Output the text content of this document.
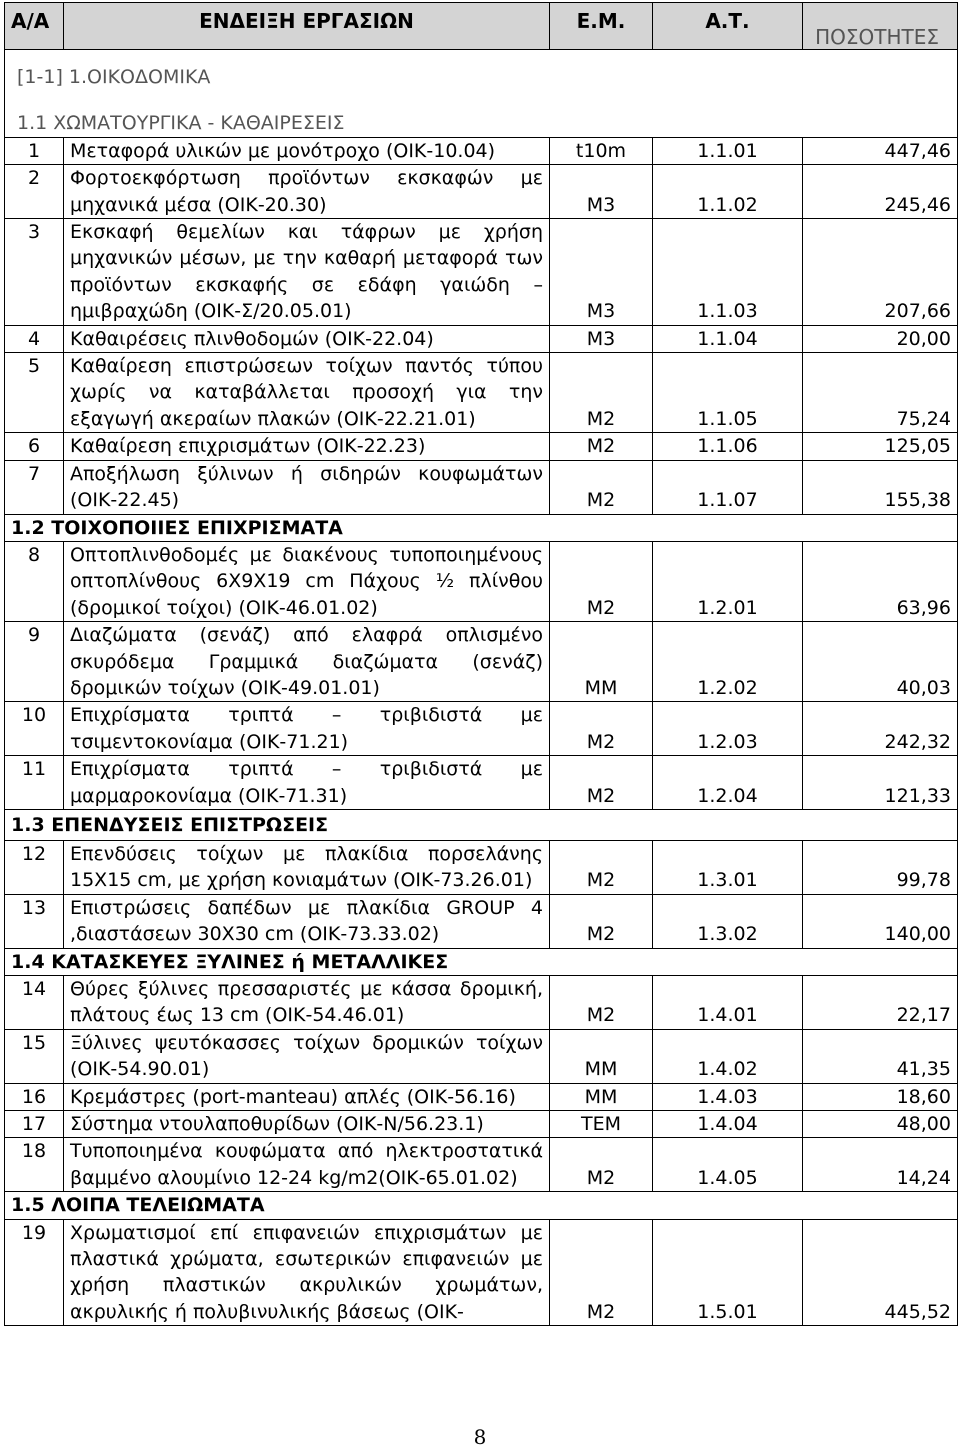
Α/Α	ΕΝΔΕΙΞΗ ΕΡΓΑΣΙΩΝ	Ε.Μ.	Α.Τ.	ΠΟΣΟΤΗΤΕΣ
[1-1] 1.ΟΙΚΟΔΟΜΙΚΑ				
1.1 ΧΩΜΑΤΟΥΡΓΙΚΑ - ΚΑΘΑΙΡΕΣΕΙΣ				
1	Μεταφορά υλικών με μονότροχο (ΟΙΚ-10.04)	t10m	1.1.01	447,46
2	Φορτοεκφόρτωση προϊόντων εκσκαφών με μηχανικά μέσα (ΟΙΚ-20.30)	Μ3	1.1.02	245,46
3	Εκσκαφή θεμελίων και τάφρων με χρήση μηχανικών μέσων, με την καθαρή μεταφορά των προϊόντων εκσκαφής σε εδάφη γαιώδη – ημιβραχώδη (ΟΙΚ-Σ/20.05.01)	Μ3	1.1.03	207,66
4	Καθαιρέσεις πλινθοδομών (ΟΙΚ-22.04)	Μ3	1.1.04	20,00
5	Καθαίρεση επιστρώσεων τοίχων παντός τύπου χωρίς να καταβάλλεται προσοχή για την εξαγωγή ακεραίων πλακών (ΟΙΚ-22.21.01)	Μ2	1.1.05	75,24
6	Καθαίρεση επιχρισμάτων (ΟΙΚ-22.23)	Μ2	1.1.06	125,05
7	Αποξήλωση ξύλινων ή σιδηρών κουφωμάτων (ΟΙΚ-22.45)	Μ2	1.1.07	155,38
1.2 ΤΟΙΧΟΠΟΙΙΕΣ ΕΠΙΧΡΙΣΜΑΤΑ				
8	Οπτοπλινθοδομές με διακένους τυποποιημένους οπτοπλίνθους 6Χ9Χ19 cm Πάχους ½ πλίνθου (δρομικοί τοίχοι) (ΟΙΚ-46.01.02)	Μ2	1.2.01	63,96
9	Διαζώματα (σενάζ) από ελαφρά οπλισμένο σκυρόδεμα Γραμμικά διαζώματα (σενάζ) δρομικών τοίχων (ΟΙΚ-49.01.01)	ΜΜ	1.2.02	40,03
10	Επιχρίσματα τριπτά – τριβιδιστά με τσιμεντοκονίαμα (ΟΙΚ-71.21)	Μ2	1.2.03	242,32
11	Επιχρίσματα τριπτά – τριβιδιστά με μαρμαροκονίαμα (ΟΙΚ-71.31)	Μ2	1.2.04	121,33
1.3 ΕΠΕΝΔΥΣΕΙΣ ΕΠΙΣΤΡΩΣΕΙΣ				
12	Επενδύσεις τοίχων με πλακίδια πορσελάνης 15Χ15 cm, με χρήση κονιαμάτων (ΟΙΚ-73.26.01)	Μ2	1.3.01	99,78
13	Επιστρώσεις δαπέδων με πλακίδια GROUP 4 ,διαστάσεων 30Χ30 cm (ΟΙΚ-73.33.02)	Μ2	1.3.02	140,00
1.4 ΚΑΤΑΣΚΕΥΕΣ ΞΥΛΙΝΕΣ ή ΜΕΤΑΛΛΙΚΕΣ				
14	Θύρες ξύλινες πρεσσαριστές με κάσσα δρομική, πλάτους έως 13 cm (ΟΙΚ-54.46.01)	Μ2	1.4.01	22,17
15	Ξύλινες ψευτόκασσες τοίχων δρομικών τοίχων (ΟΙΚ-54.90.01)	ΜΜ	1.4.02	41,35
16	Κρεμάστρες (port-manteau) απλές (ΟΙΚ-56.16)	ΜΜ	1.4.03	18,60
17	Σύστημα ντουλαποθυρίδων (ΟΙΚ-Ν/56.23.1)	ΤΕΜ	1.4.04	48,00
18	Τυποποιημένα κουφώματα από ηλεκτροστατικά βαμμένο αλουμίνιο 12-24 kg/m2(ΟΙΚ-65.01.02)	Μ2	1.4.05	14,24
1.5 ΛΟΙΠΑ ΤΕΛΕΙΩΜΑΤΑ				
19	Χρωματισμοί επί επιφανειών επιχρισμάτων με πλαστικά χρώματα, εσωτερικών επιφανειών με χρήση πλαστικών ακρυλικών χρωμάτων, ακρυλικής ή πολυβινυλικής βάσεως (ΟΙΚ-	Μ2	1.5.01	445,52
8
